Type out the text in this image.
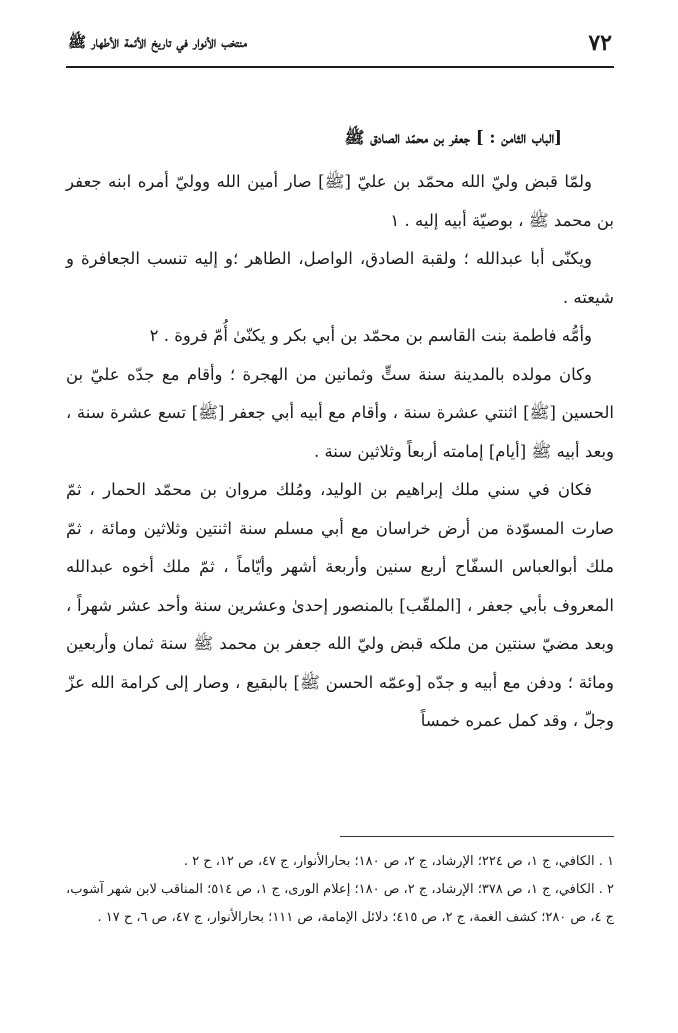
٧٢
منتخب الأنوار في تاريخ الأئمة الأطهار ﷺ
[الباب الثامن : ] جعفر بن محمّد الصادق ﷺ

ولمّا قبض وليّ الله محمّد بن عليّ [ﷺ] صار أمين الله ووليّ أمره ابنه جعفر بن محمد ﷺ ، بوصيّة أبيه إليه . ١

ويكنّى أبا عبدالله ؛ ولقبة الصادق، الواصل، الطاهر ؛و إليه تنسب الجعافرة و شيعته .

وأمُّه فاطمة بنت القاسم بن محمّد بن أبي بكر و يكنّىٰ أُمّ فروة . ٢

وكان مولده بالمدينة سنة ستٍّ وثمانين من الهجرة ؛ وأقام مع جدّه عليّ بن الحسين [ﷺ] اثنتي عشرة سنة ، وأقام مع أبيه أبي جعفر [ﷺ] تسع عشرة سنة ، وبعد أبيه ﷺ [أيام] إمامته أربعاً وثلاثين سنة .

فكان في سني ملك إبراهيم بن الوليد، ومُلك مروان بن محمّد الحمار ، ثمّ صارت المسوّدة من أرض خراسان مع أبي مسلم سنة اثنتين وثلاثين ومائة ، ثمّ ملك أبوالعباس السفّاح أربع سنين وأربعة أشهر وأيّاماً ، ثمّ ملك أخوه عبدالله المعروف بأبي جعفر ، [الملقّب] بالمنصور إحدىٰ وعشرين سنة وأحد عشر شهراً ، وبعد مضيّ سنتين من ملكه قبض وليّ الله جعفر بن محمد ﷺ سنة ثمان وأربعين ومائة ؛ ودفن مع أبيه و جدّه [وعمّه الحسن ﷺ] بالبقيع ، وصار إلى كرامة الله عزّ وجلّ ، وقد كمل عمره خمساً

١ . الكافي، ج ١، ص ٢٢٤؛ الإرشاد، ج ٢، ص ١٨٠؛ بحارالأنوار، ج ٤٧، ص ١٢، ح ٢ .

٢ . الكافي، ج ١، ص ٣٧٨؛ الإرشاد، ج ٢، ص ١٨٠؛ إعلام الورى، ج ١، ص ٥١٤؛ المناقب لابن شهر آشوب، ج ٤، ص ٢٨٠؛ كشف الغمة، ج ٢، ص ٤١٥؛ دلائل الإمامة، ص ١١١؛ بحارالأنوار، ج ٤٧، ص ٦، ح ١٧ .
